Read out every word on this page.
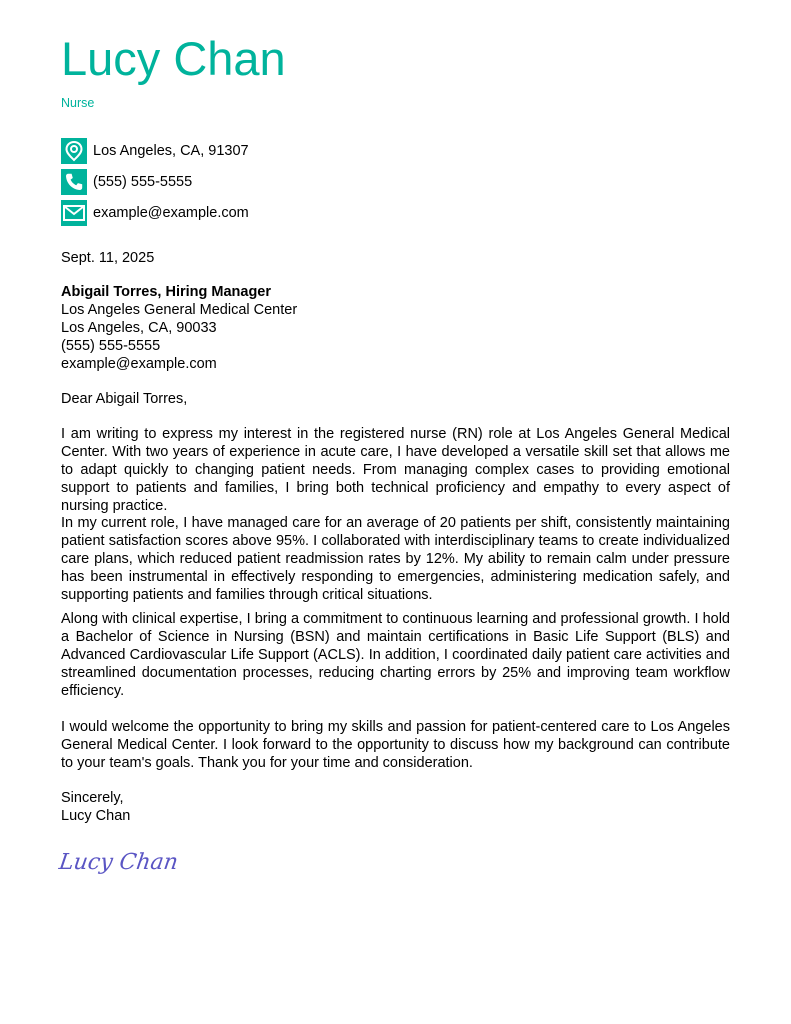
Lucy Chan
Nurse
Los Angeles, CA, 91307
(555) 555-5555
example@example.com
Sept. 11, 2025
Abigail Torres, Hiring Manager
Los Angeles General Medical Center
Los Angeles, CA, 90033
(555) 555-5555
example@example.com
Dear Abigail Torres,

I am writing to express my interest in the registered nurse (RN) role at Los Angeles General Medical Center. With two years of experience in acute care, I have developed a versatile skill set that allows me to adapt quickly to changing patient needs. From managing complex cases to providing emotional support to patients and families, I bring both technical proficiency and empathy to every aspect of nursing practice.

In my current role, I have managed care for an average of 20 patients per shift, consistently maintaining patient satisfaction scores above 95%. I collaborated with interdisciplinary teams to create individualized care plans, which reduced patient readmission rates by 12%. My ability to remain calm under pressure has been instrumental in effectively responding to emergencies, administering medication safely, and supporting patients and families through critical situations.

Along with clinical expertise, I bring a commitment to continuous learning and professional growth. I hold a Bachelor of Science in Nursing (BSN) and maintain certifications in Basic Life Support (BLS) and Advanced Cardiovascular Life Support (ACLS). In addition, I coordinated daily patient care activities and streamlined documentation processes, reducing charting errors by 25% and improving team workflow efficiency.

I would welcome the opportunity to bring my skills and passion for patient-centered care to Los Angeles General Medical Center. I look forward to the opportunity to discuss how my background can contribute to your team's goals. Thank you for your time and consideration.

Sincerely,
Lucy Chan
Lucy Chan
